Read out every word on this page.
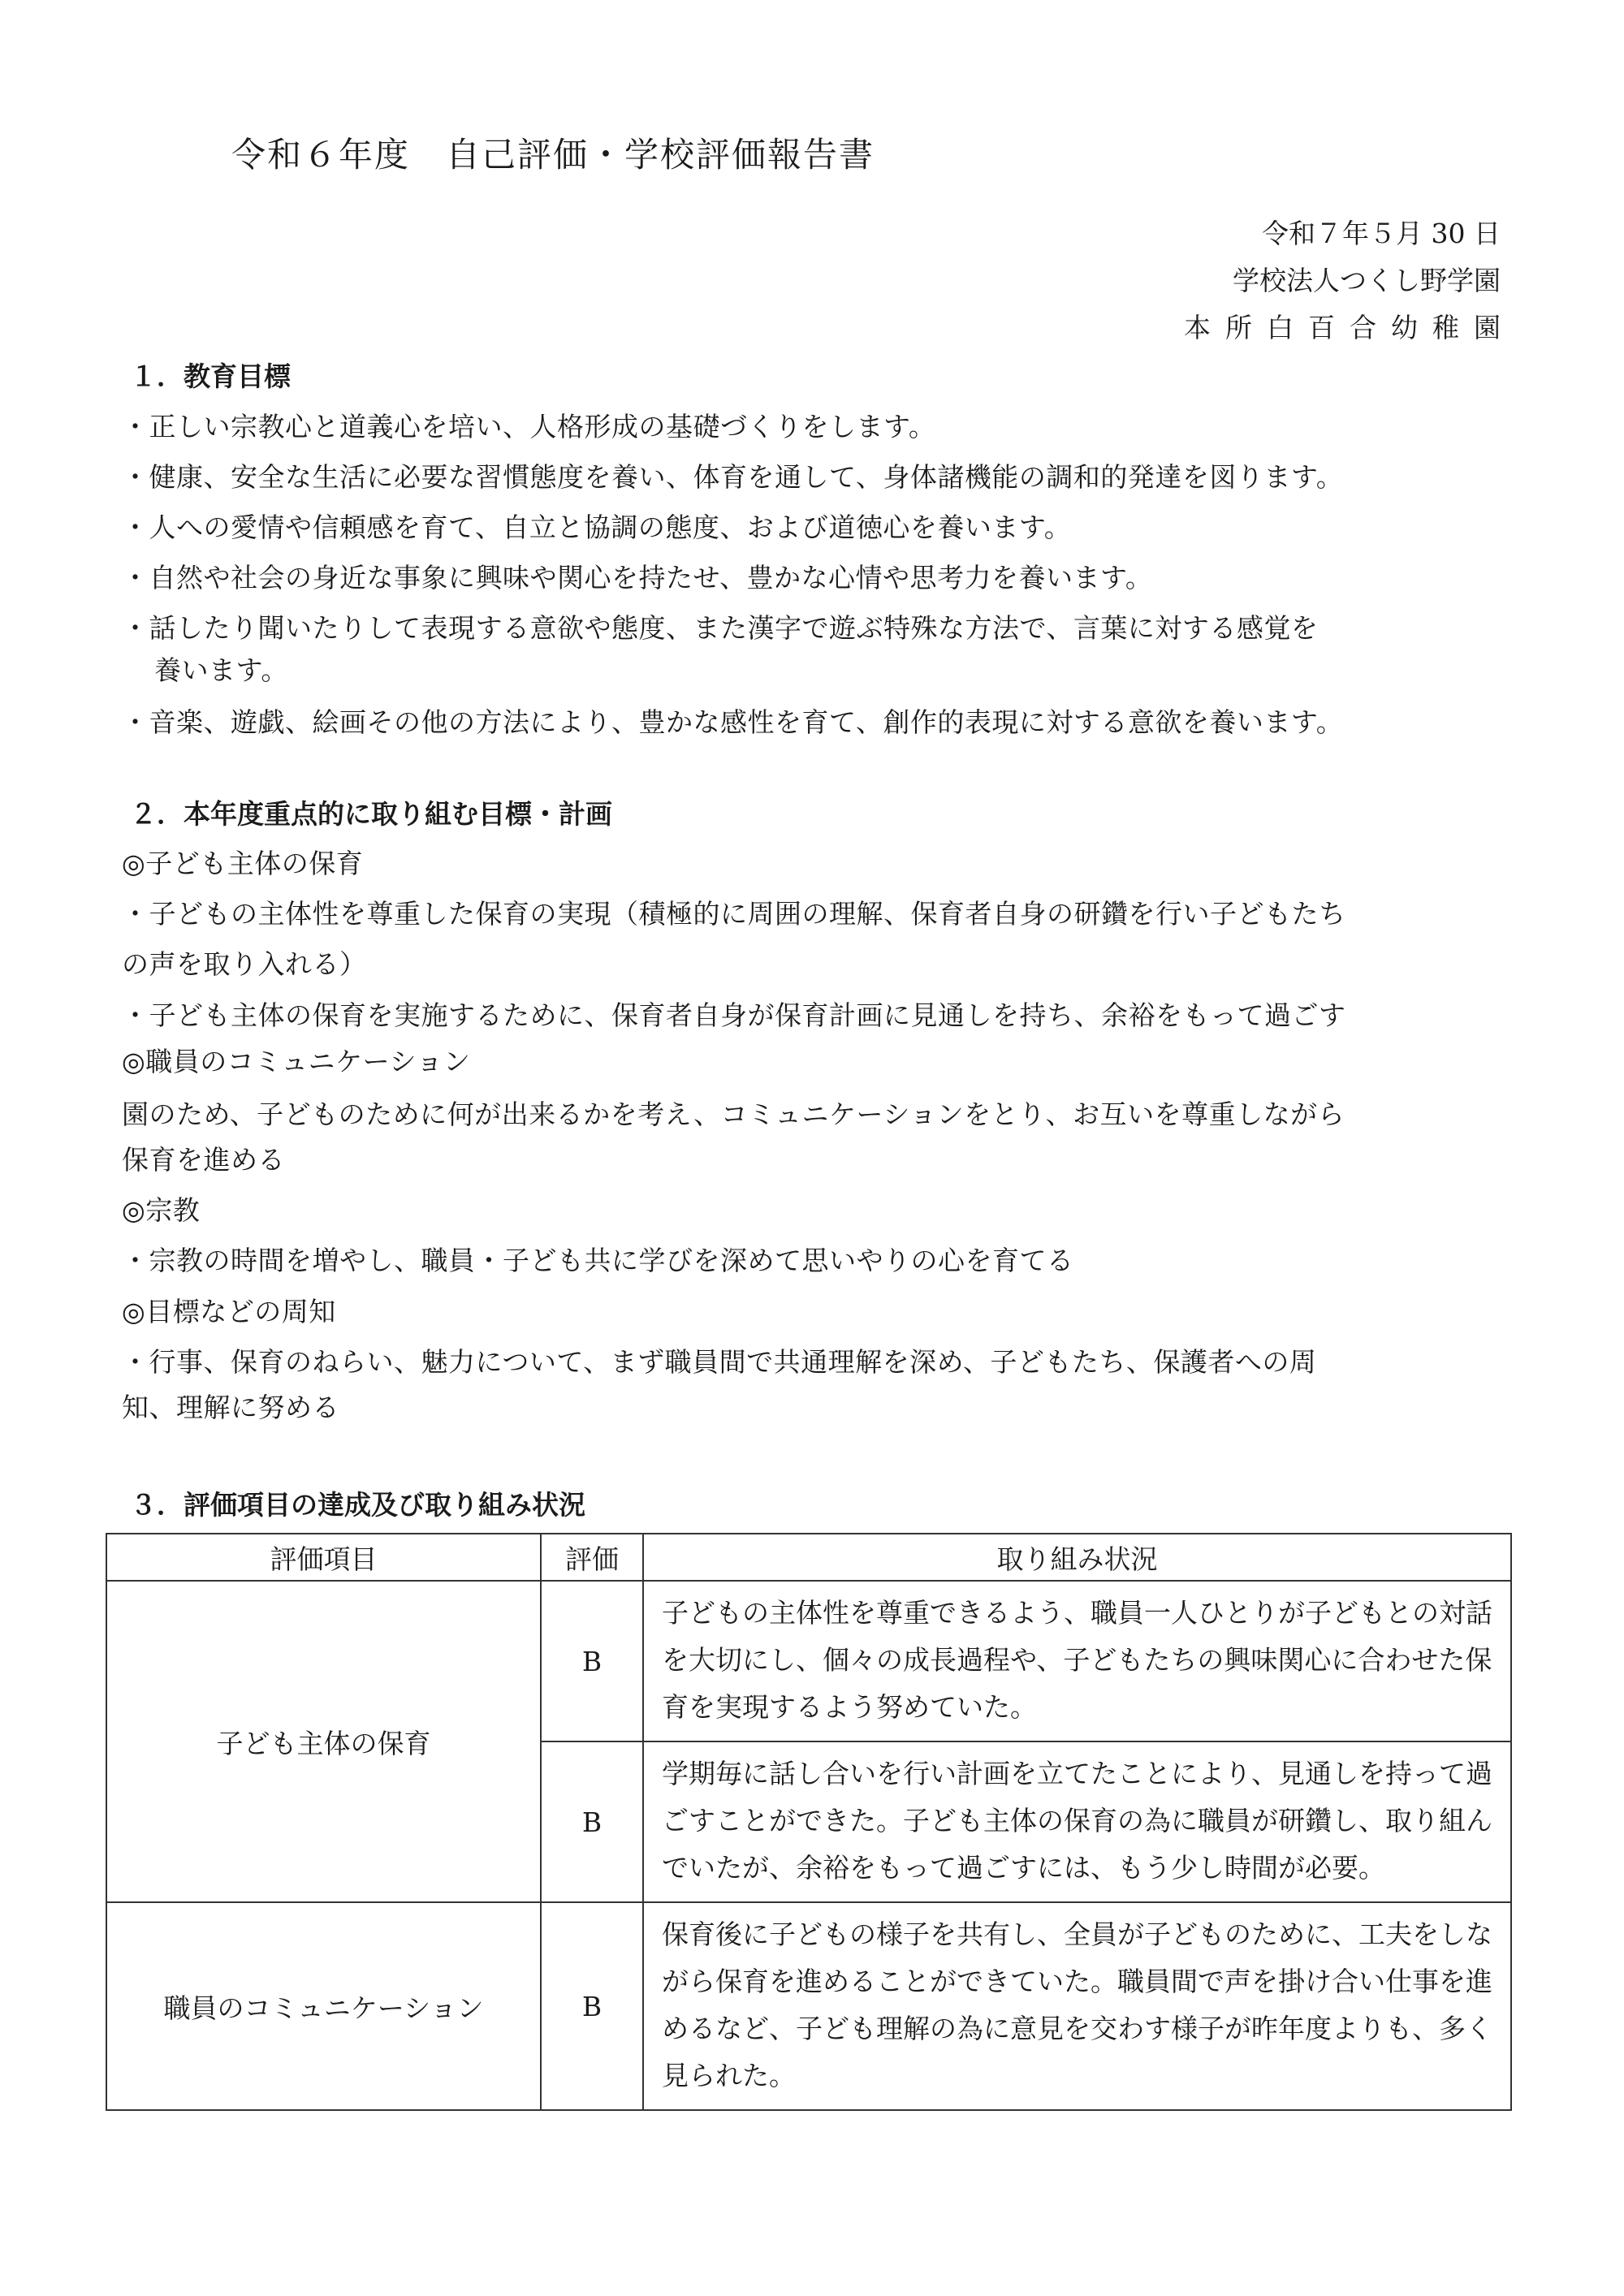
令和６年度　自己評価・学校評価報告書
令和７年５月 30 日
学校法人つくし野学園
本所白百合幼稚園
１．教育目標
・正しい宗教心と道義心を培い、人格形成の基礎づくりをします。
・健康、安全な生活に必要な習慣態度を養い、体育を通して、身体諸機能の調和的発達を図ります。
・人への愛情や信頼感を育て、自立と協調の態度、および道徳心を養います。
・自然や社会の身近な事象に興味や関心を持たせ、豊かな心情や思考力を養います。
・話したり聞いたりして表現する意欲や態度、また漢字で遊ぶ特殊な方法で、言葉に対する感覚を
養います。
・音楽、遊戯、絵画その他の方法により、豊かな感性を育て、創作的表現に対する意欲を養います。
２．本年度重点的に取り組む目標・計画
◎子ども主体の保育
・子どもの主体性を尊重した保育の実現（積極的に周囲の理解、保育者自身の研鑽を行い子どもたち
の声を取り入れる）
・子ども主体の保育を実施するために、保育者自身が保育計画に見通しを持ち、余裕をもって過ごす
◎職員のコミュニケーション
園のため、子どものために何が出来るかを考え、コミュニケーションをとり、お互いを尊重しながら
保育を進める
◎宗教
・宗教の時間を増やし、職員・子ども共に学びを深めて思いやりの心を育てる
◎目標などの周知
・行事、保育のねらい、魅力について、まず職員間で共通理解を深め、子どもたち、保護者への周
知、理解に努める
３．評価項目の達成及び取り組み状況
評価項目	評価	取り組み状況
子ども主体の保育	B	子どもの主体性を尊重できるよう、職員一人ひとりが子どもとの対話を大切にし、個々の成長過程や、子どもたちの興味関心に合わせた保育を実現するよう努めていた。
	B	学期毎に話し合いを行い計画を立てたことにより、見通しを持って過ごすことができた。子ども主体の保育の為に職員が研鑽し、取り組んでいたが、余裕をもって過ごすには、もう少し時間が必要。
職員のコミュニケーション	B	保育後に子どもの様子を共有し、全員が子どものために、工夫をしながら保育を進めることができていた。職員間で声を掛け合い仕事を進めるなど、子ども理解の為に意見を交わす様子が昨年度よりも、多く見られた。
